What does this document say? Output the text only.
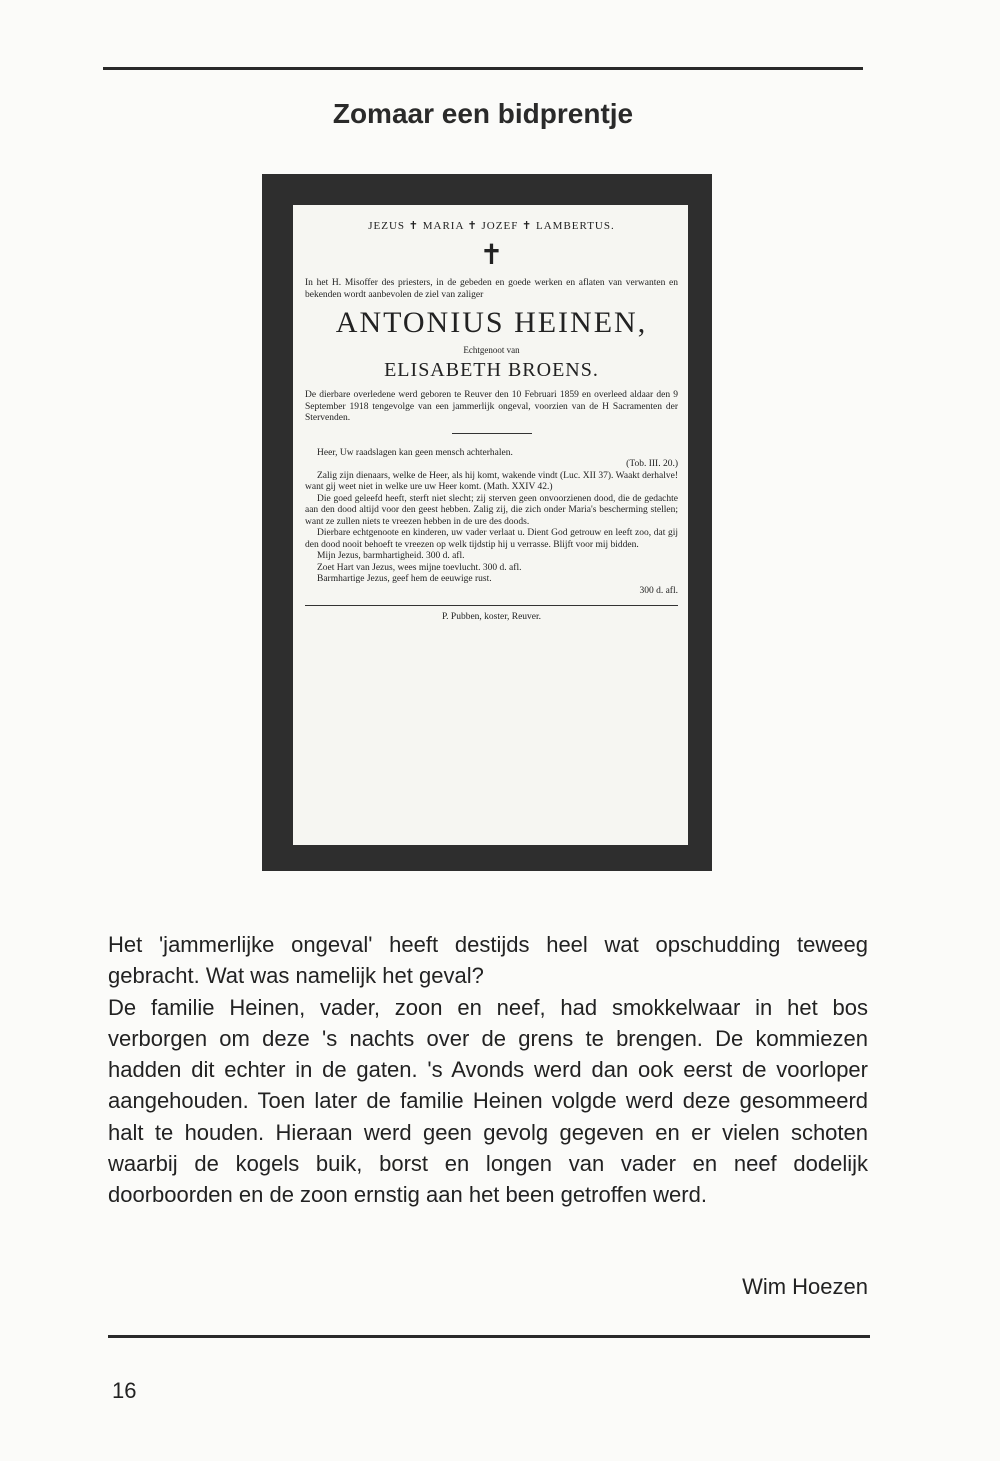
Zomaar een bidprentje
JEZUS ✝ MARIA ✝ JOZEF ✝ LAMBERTUS.
✝
In het H. Misoffer des priesters, in de gebeden en goede werken en aflaten van verwanten en bekenden wordt aanbevolen de ziel van zaliger
ANTONIUS HEINEN,
Echtgenoot van
ELISABETH BROENS.
De dierbare overledene werd geboren te Reuver den 10 Februari 1859 en overleed aldaar den 9 September 1918 tengevolge van een jammerlijk ongeval, voorzien van de H Sacramenten der Stervenden.

Heer, Uw raadslagen kan geen mensch achterhalen.

(Tob. III. 20.)

Zalig zijn dienaars, welke de Heer, als hij komt, wakende vindt (Luc. XII 37). Waakt derhalve! want gij weet niet in welke ure uw Heer komt. (Math. XXIV 42.)

Die goed geleefd heeft, sterft niet slecht; zij sterven geen onvoorzienen dood, die de gedachte aan den dood altijd voor den geest hebben. Zalig zij, die zich onder Maria's bescherming stellen; want ze zullen niets te vreezen hebben in de ure des doods.

Dierbare echtgenoote en kinderen, uw vader verlaat u. Dient God getrouw en leeft zoo, dat gij den dood nooit behoeft te vreezen op welk tijdstip hij u verrasse. Blijft voor mij bidden.

Mijn Jezus, barmhartigheid. 300 d. afl.

Zoet Hart van Jezus, wees mijne toevlucht. 300 d. afl.

Barmhartige Jezus, geef hem de eeuwige rust.

300 d. afl.

P. Pubben, koster, Reuver.

Het 'jammerlijke ongeval' heeft destijds heel wat opschudding teweeg gebracht. Wat was namelijk het geval?

De familie Heinen, vader, zoon en neef, had smokkelwaar in het bos verborgen om deze 's nachts over de grens te brengen. De kommiezen hadden dit echter in de gaten. 's Avonds werd dan ook eerst de voorloper aangehouden. Toen later de familie Heinen volgde werd deze gesommeerd halt te houden. Hieraan werd geen gevolg gegeven en er vielen schoten waarbij de kogels buik, borst en longen van vader en neef dodelijk doorboorden en de zoon ernstig aan het been getroffen werd.

Wim Hoezen
16
